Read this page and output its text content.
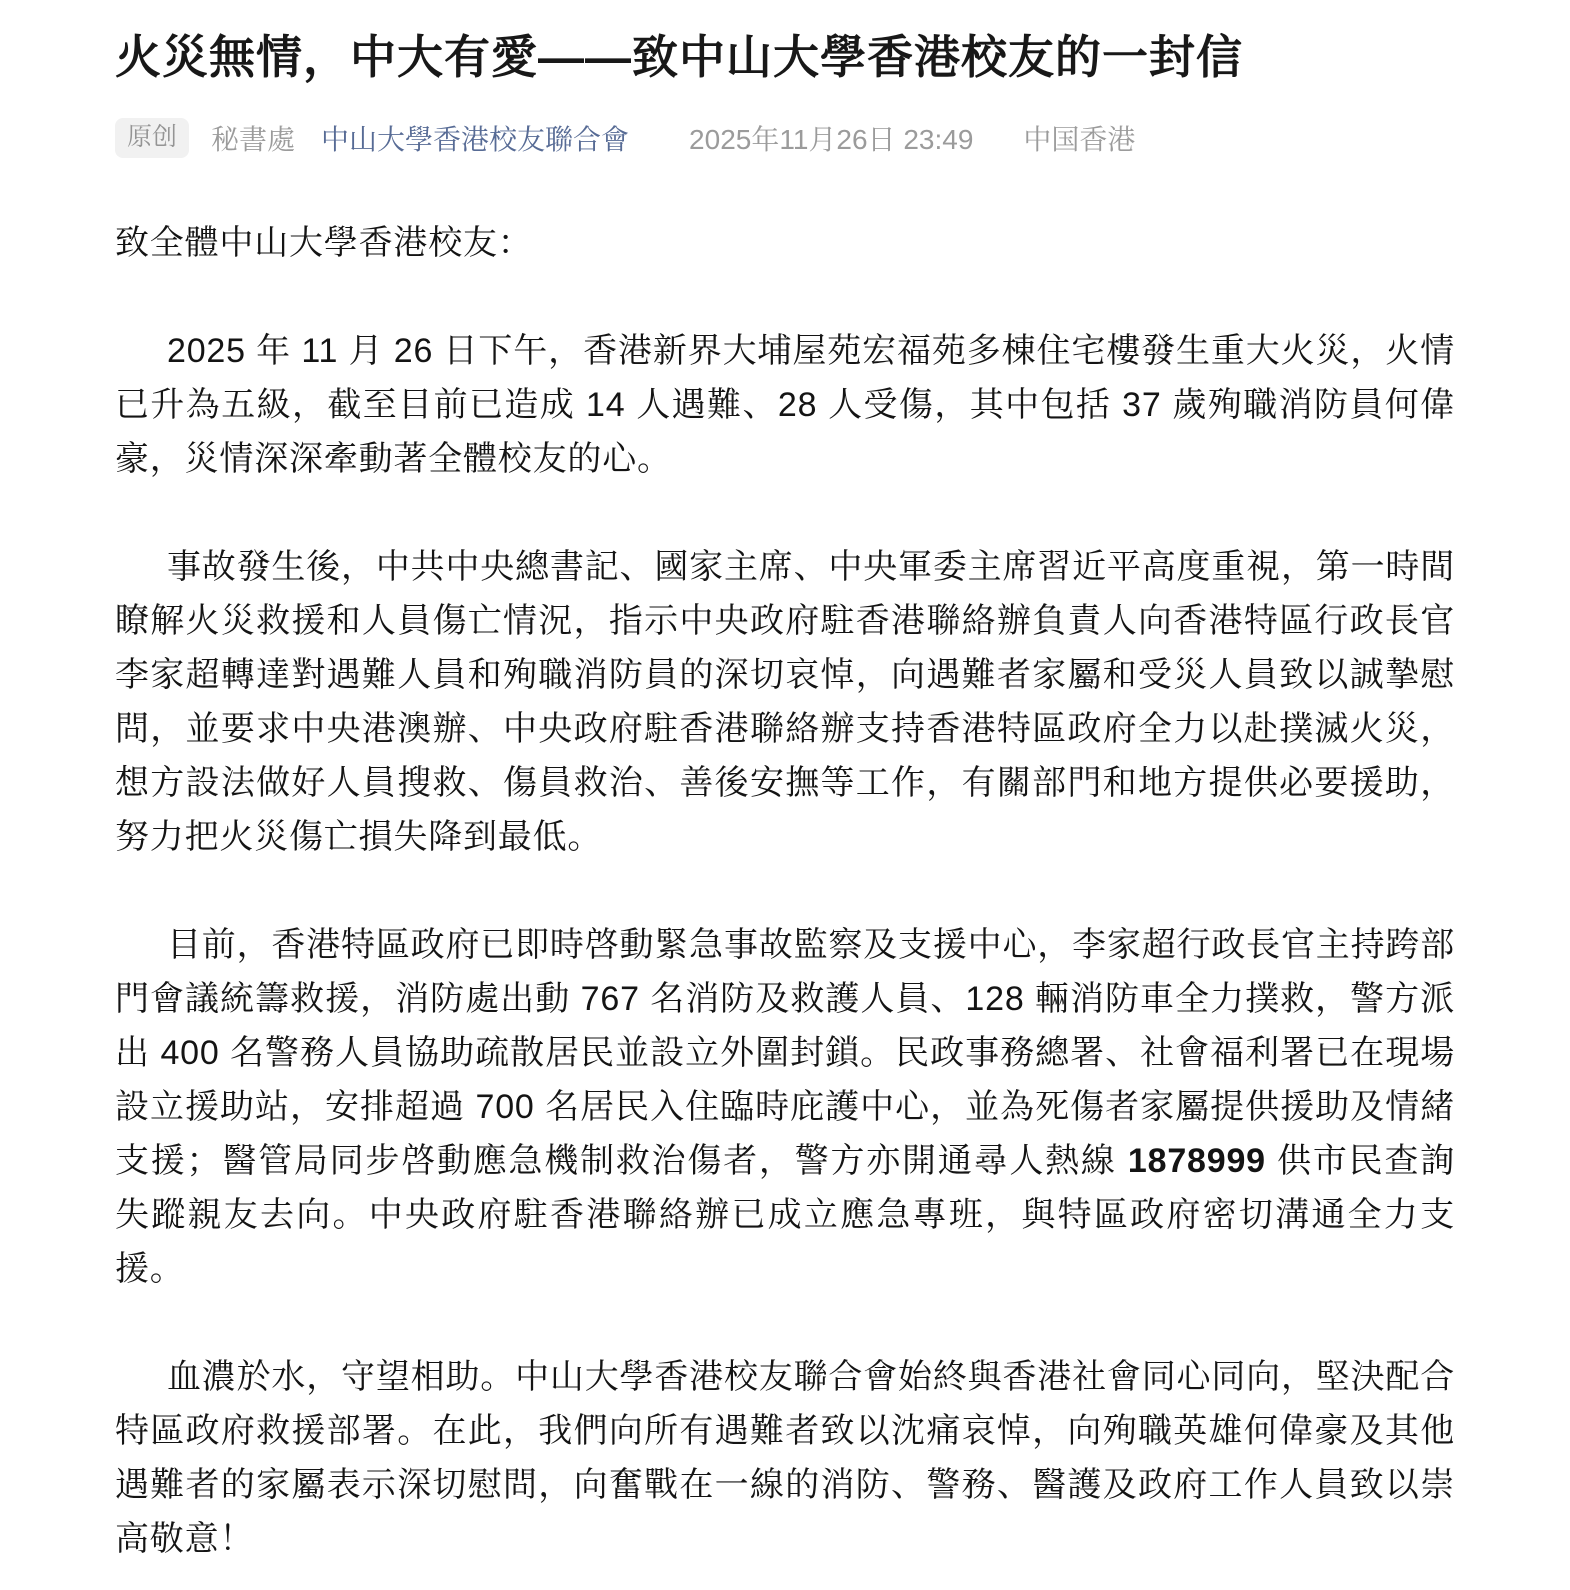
火災無情，中大有愛——致中山大學香港校友的一封信
原创	秘書處 中山大學香港校友聯合會 2025年11月26日 23:49 中国香港

致全體中山大學香港校友：

2025 年 11 月 26 日下午，香港新界大埔屋苑宏福苑多棟住宅樓發生重大火災，火情已升為五級，截至目前已造成 14 人遇難、28 人受傷，其中包括 37 歲殉職消防員何偉豪，災情深深牽動著全體校友的心。

事故發生後，中共中央總書記、國家主席、中央軍委主席習近平高度重視，第一時間瞭解火災救援和人員傷亡情況，指示中央政府駐香港聯絡辦負責人向香港特區行政長官李家超轉達對遇難人員和殉職消防員的深切哀悼，向遇難者家屬和受災人員致以誠摯慰問，並要求中央港澳辦、中央政府駐香港聯絡辦支持香港特區政府全力以赴撲滅火災，想方設法做好人員搜救、傷員救治、善後安撫等工作，有關部門和地方提供必要援助，努力把火災傷亡損失降到最低。

目前，香港特區政府已即時啓動緊急事故監察及支援中心，李家超行政長官主持跨部門會議統籌救援，消防處出動 767 名消防及救護人員、128 輛消防車全力撲救，警方派出 400 名警務人員協助疏散居民並設立外圍封鎖。民政事務總署、社會福利署已在現場設立援助站，安排超過 700 名居民入住臨時庇護中心，並為死傷者家屬提供援助及情緒支援；醫管局同步啓動應急機制救治傷者，警方亦開通尋人熱線 1878999 供市民查詢失蹤親友去向。中央政府駐香港聯絡辦已成立應急專班，與特區政府密切溝通全力支援。

血濃於水，守望相助。中山大學香港校友聯合會始終與香港社會同心同向，堅決配合特區政府救援部署。在此，我們向所有遇難者致以沈痛哀悼，向殉職英雄何偉豪及其他遇難者的家屬表示深切慰問，向奮戰在一線的消防、警務、醫護及政府工作人員致以崇高敬意！
